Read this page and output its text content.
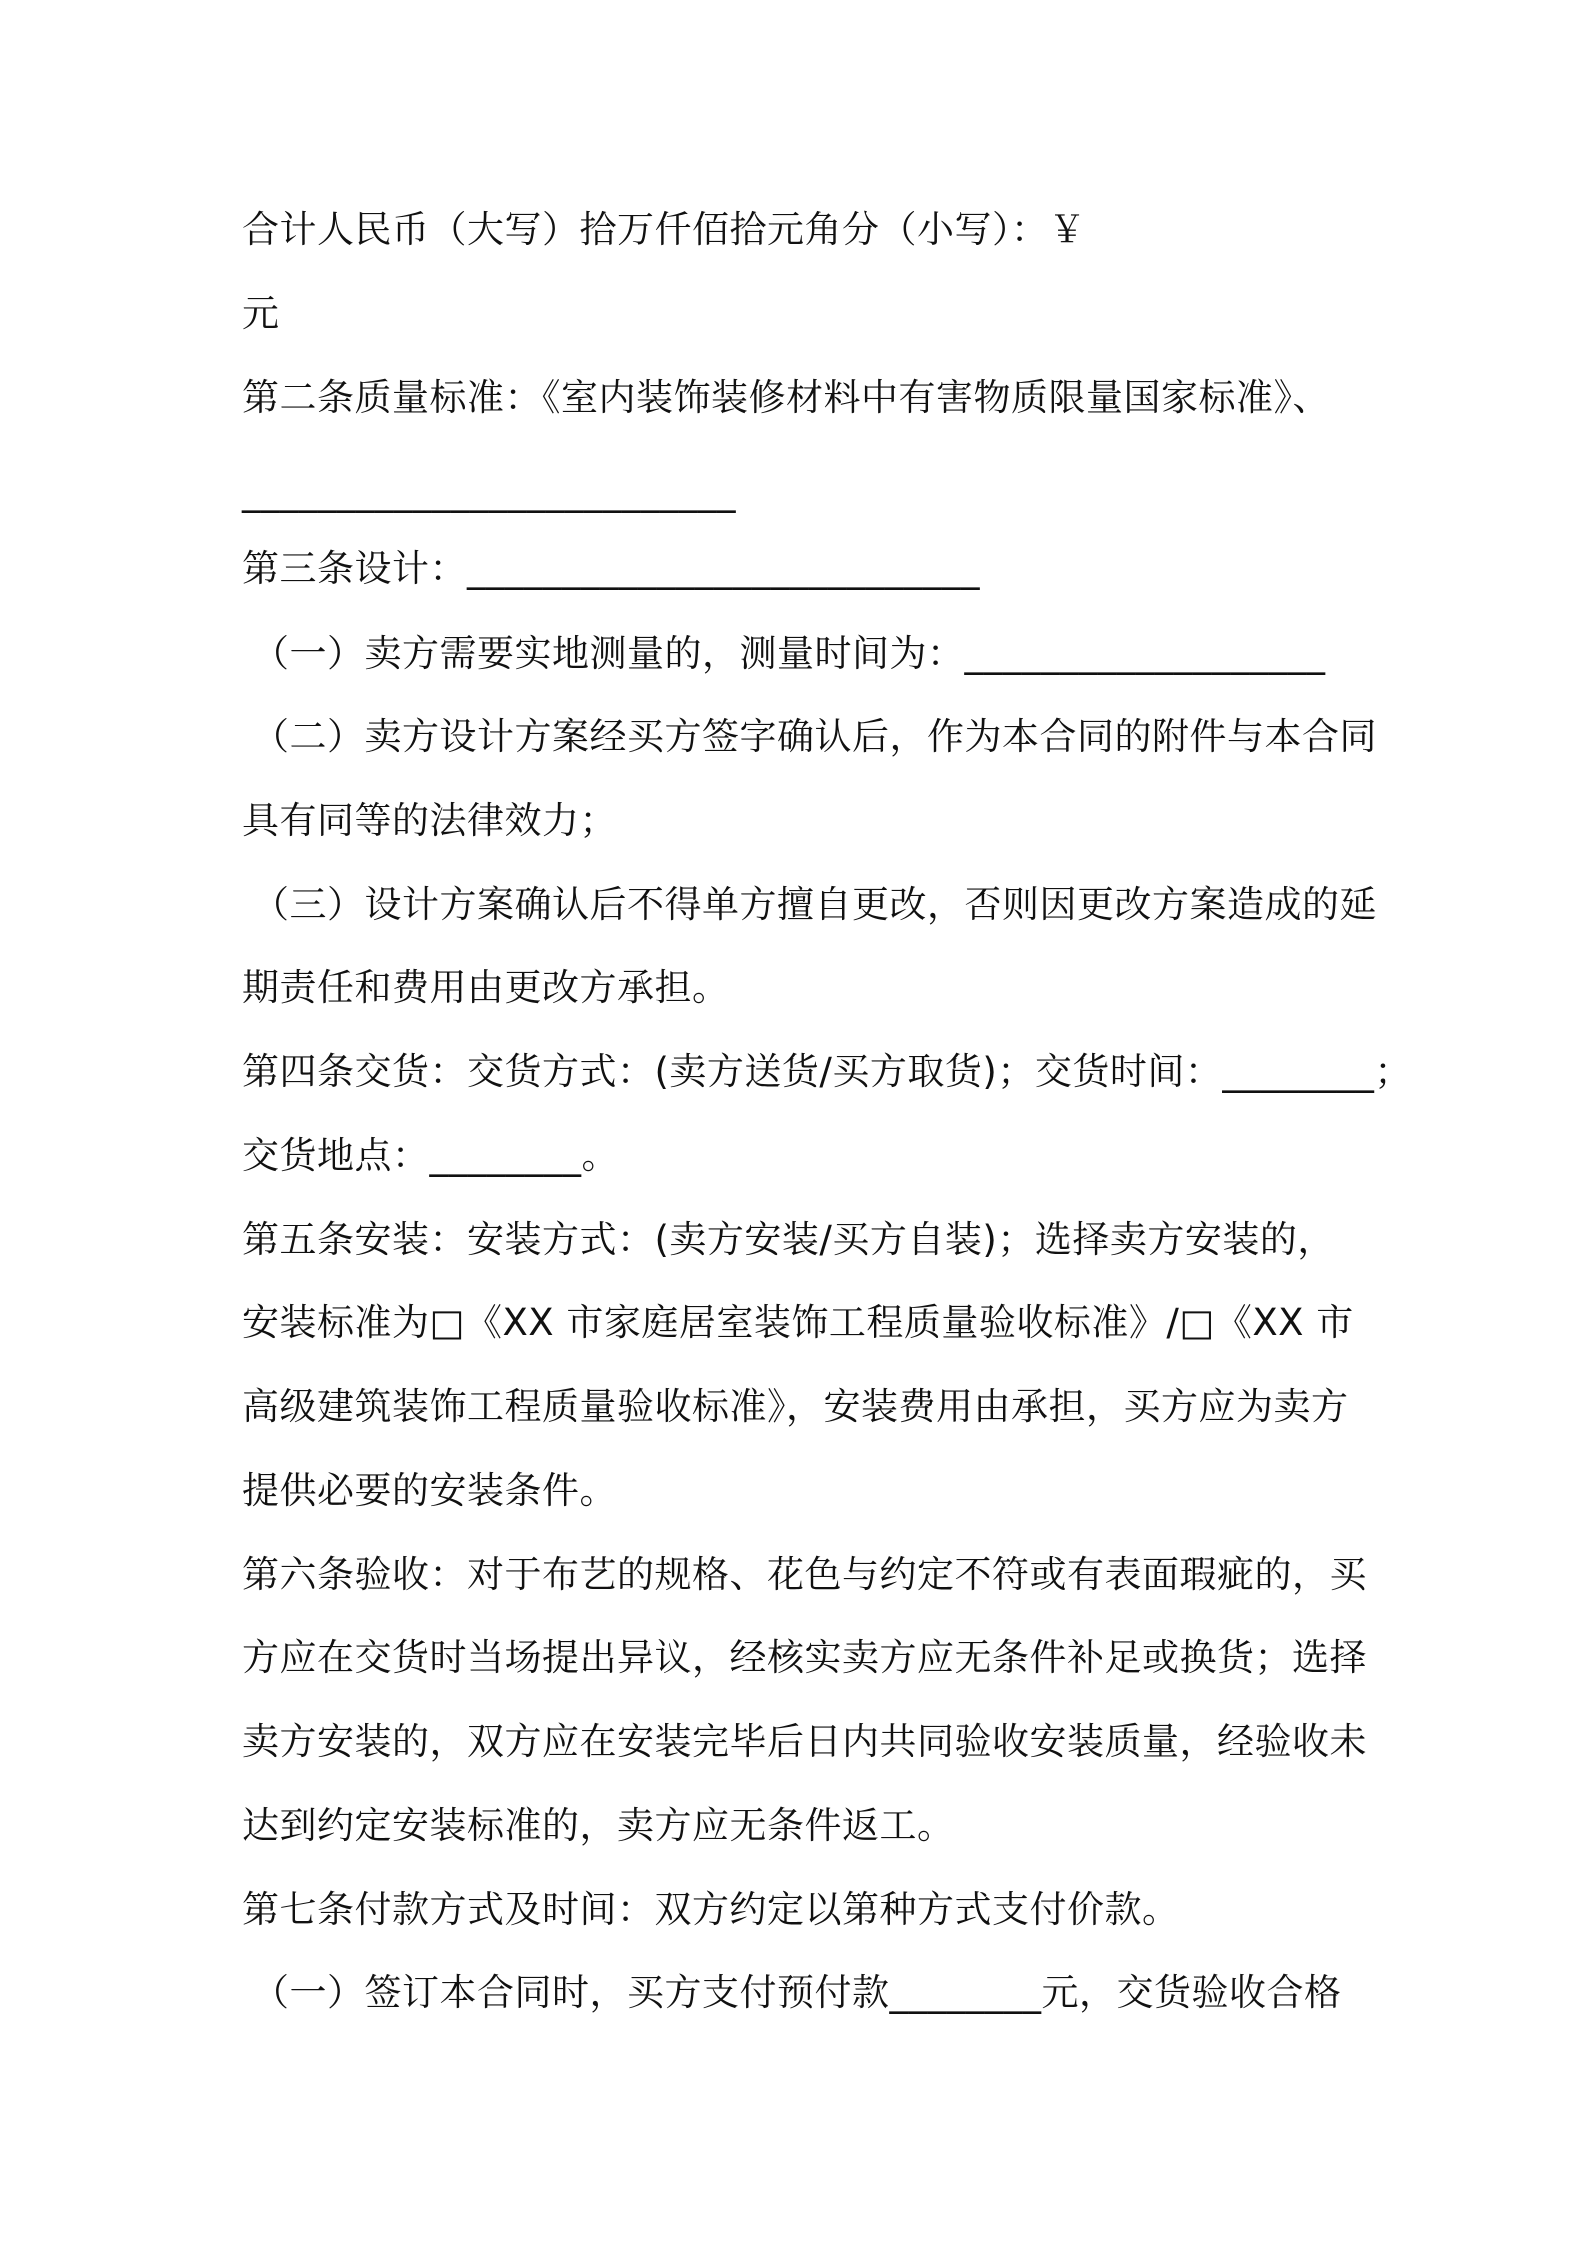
合计人民币（大写）拾万仟佰拾元角分（小写）：￥
元
第二条质量标准：《室内装饰装修材料中有害物质限量国家标准》、
__________________________
第三条设计：___________________________
（一）卖方需要实地测量的，测量时间为：___________________
（二）卖方设计方案经买方签字确认后，作为本合同的附件与本合同
具有同等的法律效力；
（三）设计方案确认后不得单方擅自更改，否则因更改方案造成的延
期责任和费用由更改方承担。
第四条交货：交货方式：(卖方送货/买方取货)；交货时间：________；
交货地点：________。
第五条安装：安装方式：(卖方安装/买方自装)；选择卖方安装的，
安装标准为□《XX 市家庭居室装饰工程质量验收标准》/□《XX 市
高级建筑装饰工程质量验收标准》，安装费用由承担，买方应为卖方
提供必要的安装条件。
第六条验收：对于布艺的规格、花色与约定不符或有表面瑕疵的，买
方应在交货时当场提出异议，经核实卖方应无条件补足或换货；选择
卖方安装的，双方应在安装完毕后日内共同验收安装质量，经验收未
达到约定安装标准的，卖方应无条件返工。
第七条付款方式及时间：双方约定以第种方式支付价款。
（一）签订本合同时，买方支付预付款________元，交货验收合格
